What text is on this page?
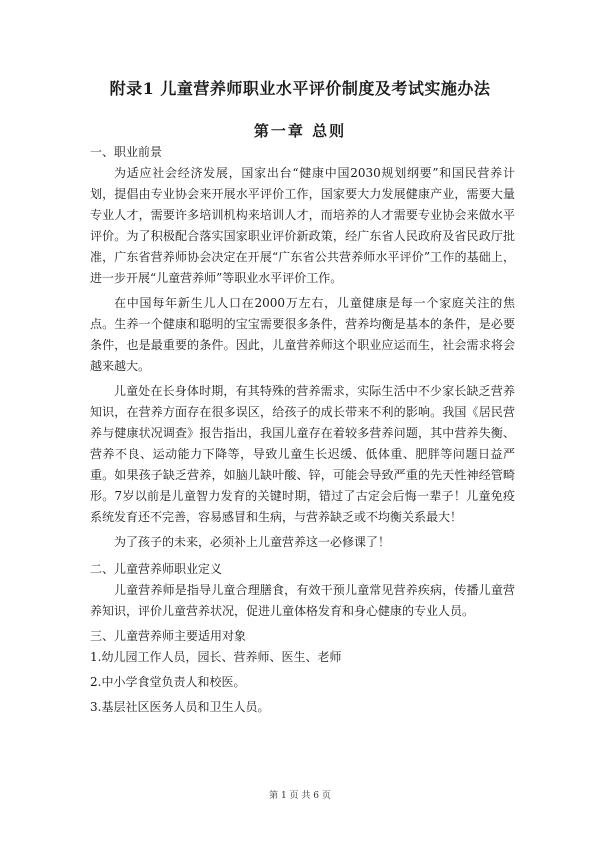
附录1 儿童营养师职业水平评价制度及考试实施办法
第一章 总则
一、职业前景

为适应社会经济发展，国家出台“健康中国2030规划纲要”和国民营养计划，提倡由专业协会来开展水平评价工作，国家要大力发展健康产业，需要大量专业人才，需要许多培训机构来培训人才，而培养的人才需要专业协会来做水平评价。为了积极配合落实国家职业评价新政策，经广东省人民政府及省民政厅批准，广东省营养师协会决定在开展“广东省公共营养师水平评价”工作的基础上，进一步开展“儿童营养师”等职业水平评价工作。

在中国每年新生儿人口在2000万左右，儿童健康是每一个家庭关注的焦点。生养一个健康和聪明的宝宝需要很多条件，营养均衡是基本的条件，是必要条件，也是最重要的条件。因此，儿童营养师这个职业应运而生，社会需求将会越来越大。

儿童处在长身体时期，有其特殊的营养需求，实际生活中不少家长缺乏营养知识，在营养方面存在很多误区，给孩子的成长带来不利的影响。我国《居民营养与健康状况调查》报告指出，我国儿童存在着较多营养问题，其中营养失衡、营养不良、运动能力下降等，导致儿童生长迟缓、低体重、肥胖等问题日益严重。如果孩子缺乏营养，如脑儿缺叶酸、锌，可能会导致严重的先天性神经管畸形。7岁以前是儿童智力发育的关键时期，错过了古定会后悔一辈子！儿童免疫系统发育还不完善，容易感冒和生病，与营养缺乏或不均衡关系最大！

为了孩子的未来，必须补上儿童营养这一必修课了！

二、儿童营养师职业定义

儿童营养师是指导儿童合理膳食，有效干预儿童常见营养疾病，传播儿童营养知识，评价儿童营养状况，促进儿童体格发育和身心健康的专业人员。

三、儿童营养师主要适用对象
1.幼儿园工作人员，园长、营养师、医生、老师
2.中小学食堂负责人和校医。
3.基层社区医务人员和卫生人员。
第 1 页 共 6 页
